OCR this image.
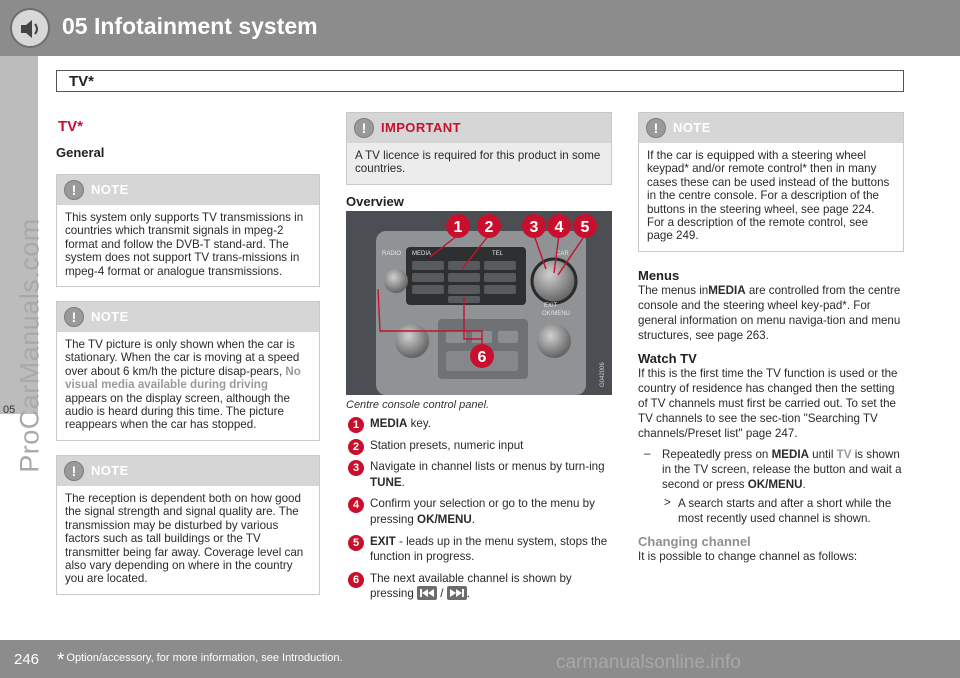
05 Infotainment system
TV*
05 ProCarManuals.com
TV*
General
!	NOTE
This system only supports TV transmissions in countries which transmit signals in mpeg-2 format and follow the DVB-T stand-ard. The system does not support TV trans-missions in mpeg-4 format or analogue transmissions.
!	NOTE
The TV picture is only shown when the car is stationary. When the car is moving at a speed over about 6 km/h the picture disap-pears, No visual media available during driving appears on the display screen, although the audio is heard during this time. The picture reappears when the car has stopped.
!	NOTE
The reception is dependent both on how good the signal strength and signal quality are. The transmission may be disturbed by various factors such as tall buildings or the TV transmitter being far away. Coverage level can also vary depending on where in the country you are located.
!	IMPORTANT
A TV licence is required for this product in some countries.
Overview
MEDIA	TEL
RADIO	CAR
1 2 3 4 5
6
EXIT
OK/MENU
G042006
Centre console control panel.

1 MEDIA key.

2 Station presets, numeric input

3 Navigate in channel lists or menus by turn-ing TUNE.

4 Confirm your selection or go to the menu by pressing OK/MENU.

5 EXIT - leads up in the menu system, stops the function in progress.

6 The next available channel is shown by pressing
/
.

!	NOTE
If the car is equipped with a steering wheel keypad* and/or remote control* then in many cases these can be used instead of the buttons in the centre console. For a description of the buttons in the steering wheel, see page 224. For a description of the remote control, see page 249.
Menus

The menus inMEDIA are controlled from the centre console and the steering wheel key-pad*. For general information on menu naviga-tion and menu structures, see page 263.

Watch TV

If this is the first time the TV function is used or the country of residence has changed then the setting of TV channels must first be carried out. To set the TV channels to see the sec-tion "Searching TV channels/Preset list" page 247.

– Repeatedly press on MEDIA until TV is shown in the TV screen, release the button and wait a second or press OK/MENU.

> A search starts and after a short while the most recently used channel is shown.

Changing channel

It is possible to change channel as follows:

246 * Option/accessory, for more information, see Introduction.	carmanualsonline.info
